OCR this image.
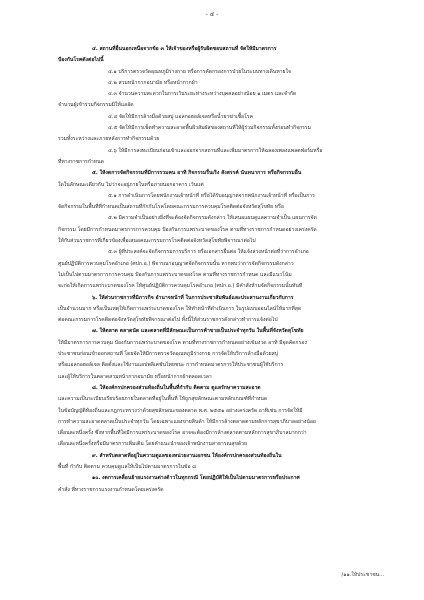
- ๕ -
๔. สถานที่อื่นนอกเหนือจากข้อ ๓ ให้เจ้าของหรือผู้รับผิดชอบสถานที่ จัดให้มีมาตรการ
ป้องกันโรคดังต่อไปนี้
๔.๑ บริการตรวจวัดอุณหภูมิร่างกาย หรือการคัดกรองการป่วยในระบบทางเดินหายใจ
๔.๒ สวมหน้ากากอนามัย หรือหน้ากากผ้า
๔.๓ จำนวนความสะดวกในการเว้นระยะห่างระหว่างบุคคลอย่างน้อย ๑ เมตร และจำกัด
จำนวนผู้เข้าร่วมกิจกรรมมิให้แออัด
๔.๔ จัดให้มีการล้างมือด้วยสบู่ แอลกอฮอล์เจลหรือน้ำยาฆ่าเชื้อโรค
๔.๕ จัดให้มีการเช็ดทำความสะอาดพื้นผิวสัมผัสของสถานที่ให้ผู้ร่วมกิจกรรมทั้งก่อนทำกิจกรรม
รวมทั้งระหว่างและภายหลังการทำกิจกรรมด้วย
๔.๖ ให้มีการลงทะเบียนก่อนเข้าและออกจากสถานที่และเพิ่มมาตรการให้ฉลองเพลงแพลตฟอร์มหรือ
ที่ทางราชการกำหนด
๕. ให้งดการจัดกิจกรรมที่มีการรวมคน อาทิ กิจกรรมรื่นเริง สังสรรค์ นันทนาการ หรือกิจกรรมอื่น
ใดในลักษณะเดียวกัน ไม่ว่าจะอยู่ภายในหรือภายนอกอาคาร เว้นแต่
๕.๑ การดำเนินการโดยพนักงานเจ้าหน้าที่ หรือได้รับอนุญาตจากพนักงานเจ้าหน้าที่ หรือเป็นการ
จัดกิจกรรมในพื้นที่ที่กำหนดเป็นสถานที่กักกันโรคโดยคณะกรรมการควบคุมโรคติดต่อจังหวัดสุโขทัย หรือ
๕.๒ มีความจำเป็นอย่างยิ่งที่จะต้องจัดกิจกรรมดังกล่าว ให้เสนอแผนดูแลความจำเป็น แผนการจัด
กิจกรรม โดยมีการกำหนดมาตรการการควบคุม ป้องกันการแพร่ระบาดของโรค ตามที่ทางราชการกำหนดอย่างเคร่งครัด
ให้กับส่วนราชการที่เกี่ยวข้องเพื่อเสนอคณะกรรมการโรคติดต่อจังหวัดสุโขทัยพิจารณาต่อไป
๕.๓ ผู้ที่ประสงค์จะจัดกิจกรรมการบริการ หรือเอกสารยื่นต่อ ให้แจ้งล่วงหน้าต่อที่ว่าการอำเภอ
ศูนย์ปฏิบัติการควบคุมโรคอำเภอ (ศปก.อ.) พิจารณาอนุญาตจัดกิจกรรมนั้น หากพบว่าการจัดกิจกรรมดังกล่าว
ไม่เป็นไปตามมาตรการการควบคุม ป้องกันการแพร่ระบาดของโรค ตามที่ทางราชการกำหนด และมีแนวโน้ม
จะก่อให้เกิดการแพร่ระบาดของโรค ให้ศูนย์ปฏิบัติการควบคุมโรคอำเภอ (ศปก.อ.) มีคำสั่งห้ามจัดกิจกรรมนั้นทันที
๖. ให้ส่วนราชการที่มีภารกิจ อำนาจหน้าที่ ในการประชาสัมพันธ์และประสานงานเกี่ยวกับการ
เป็นจำนวนมาก หรือเป็นเหตุให้เกิดการแพร่ระบาดของโรค ให้ทำหน้าที่ดำเนินการ ในรูปแบบออนไลน์ให้มากที่สุด
ต่อคณะกรรมการโรคติดต่อจังหวัดสุโขทัยพิจารณาต่อไป ทั้งนี้ให้ส่วนราชการดังกล่าวทำการแจ้งต่อไป
๗. ให้ตลาด ตลาดนัด และตลาดที่มีลักษณะเป็นการค้าขายเป็นประจำทุกวัน ในพื้นที่จังหวัดสุโขทัย
ให้มีมาตรการการควบคุม ป้องกันการแพร่ระบาดของโรค ตามที่ทางราชการกำหนดอย่างเข้มงวด อาทิ มีจุดคัดกรอง
ประชาชนก่อนเข้าออกสถานที่ โดยจัดให้มีการตรวจวัดอุณหภูมิร่างกาย การจัดให้บริการล้างมือด้วยสบู่
หรือแอลกอฮอล์เจล ติดตั้งและใช้งานแอปพลิเคชันไทยชนะ การกำหนดมาตรการให้ประชาชนผู้ใช้บริการ
และผู้ให้บริการในตลาดสวมหน้ากากอนามัย หรือหน้ากากผ้าตลอดเวลา
๘. ให้องค์กรปกครองส่วนท้องถิ่นในพื้นที่กำกับ ติดตาม ดูแลรักษาความสะอาด
และความเป็นระเบียบเรียบร้อยภายในตลาดที่อยู่ในพื้นที่ ให้ถูกสุขลักษณะตามหลักเกณฑ์ที่กำหนด
ในข้อบัญญัติท้องถิ่นและกฎกระทรวงว่าด้วยสุขลักษณะของตลาด พ.ศ. ๒๕๕๑ อย่างเคร่งครัด อาทิเช่น การจัดให้มี
การทำความสะอาดตลาดเป็นประจำทุกวัน โดยเฉพาะแผงขายสินค้า ให้มีการล้างตลาดตามหลักการสุขาภิบาลอย่างน้อย
เดือนละหนึ่งครั้ง ซึ่งหากพื้นที่ใดมีการแพร่ระบาดของโรค อาจจะต้องมีการล้างตลาดตามหลักการสุขาภิบาลมากกว่า
เดือนละหนึ่งครั้งหรือมีมาตรการเพิ่มเติม โดยคำแนะนำของเจ้าพนักงานสาธารณสุขด้วย
๙. สำหรับตลาดที่อยู่ในความดูแลของหน่วยงานเอกชน ให้องค์กรปกครองส่วนท้องถิ่นใน
พื้นที่ กำกับ ติดตาม ควบคุมดูแลให้เป็นไปตามมาตรการในข้อ ๘
๑๐. งดการเคลื่อนย้ายแรงงานต่างด้าวในทุกกรณี โดยปฏิบัติให้เป็นไปตามมาตรการหรือประกาศ
คำสั่ง ที่ทางราชการแรงงานกำหนดโดยเคร่งครัด
/๑๑.ให้ประชาชน...
